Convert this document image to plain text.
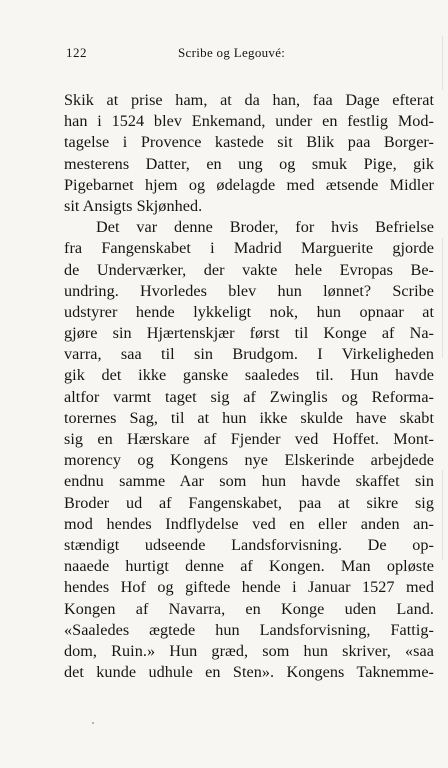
122	Scribe og Legouvé:
Skik at prise ham, at da han, faa Dage efterat
han i 1524 blev Enkemand, under en festlig Mod-
tagelse i Provence kastede sit Blik paa Borger-
mesterens Datter, en ung og smuk Pige, gik
Pigebarnet hjem og ødelagde med ætsende Midler
sit Ansigts Skjønhed.
Det var denne Broder, for hvis Befrielse
fra Fangenskabet i Madrid Marguerite gjorde
de Underværker, der vakte hele Evropas Be-
undring. Hvorledes blev hun lønnet? Scribe
udstyrer hende lykkeligt nok, hun opnaar at
gjøre sin Hjærtenskjær først til Konge af Na-
varra, saa til sin Brudgom. I Virkeligheden
gik det ikke ganske saaledes til. Hun havde
altfor varmt taget sig af Zwinglis og Reforma-
torernes Sag, til at hun ikke skulde have skabt
sig en Hærskare af Fjender ved Hoffet. Mont-
morency og Kongens nye Elskerinde arbejdede
endnu samme Aar som hun havde skaffet sin
Broder ud af Fangenskabet, paa at sikre sig
mod hendes Indflydelse ved en eller anden an-
stændigt udseende Landsforvisning. De op-
naaede hurtigt denne af Kongen. Man opløste
hendes Hof og giftede hende i Januar 1527 med
Kongen af Navarra, en Konge uden Land.
«Saaledes ægtede hun Landsforvisning, Fattig-
dom, Ruin.» Hun græd, som hun skriver, «saa
det kunde udhule en Sten». Kongens Taknemme-
